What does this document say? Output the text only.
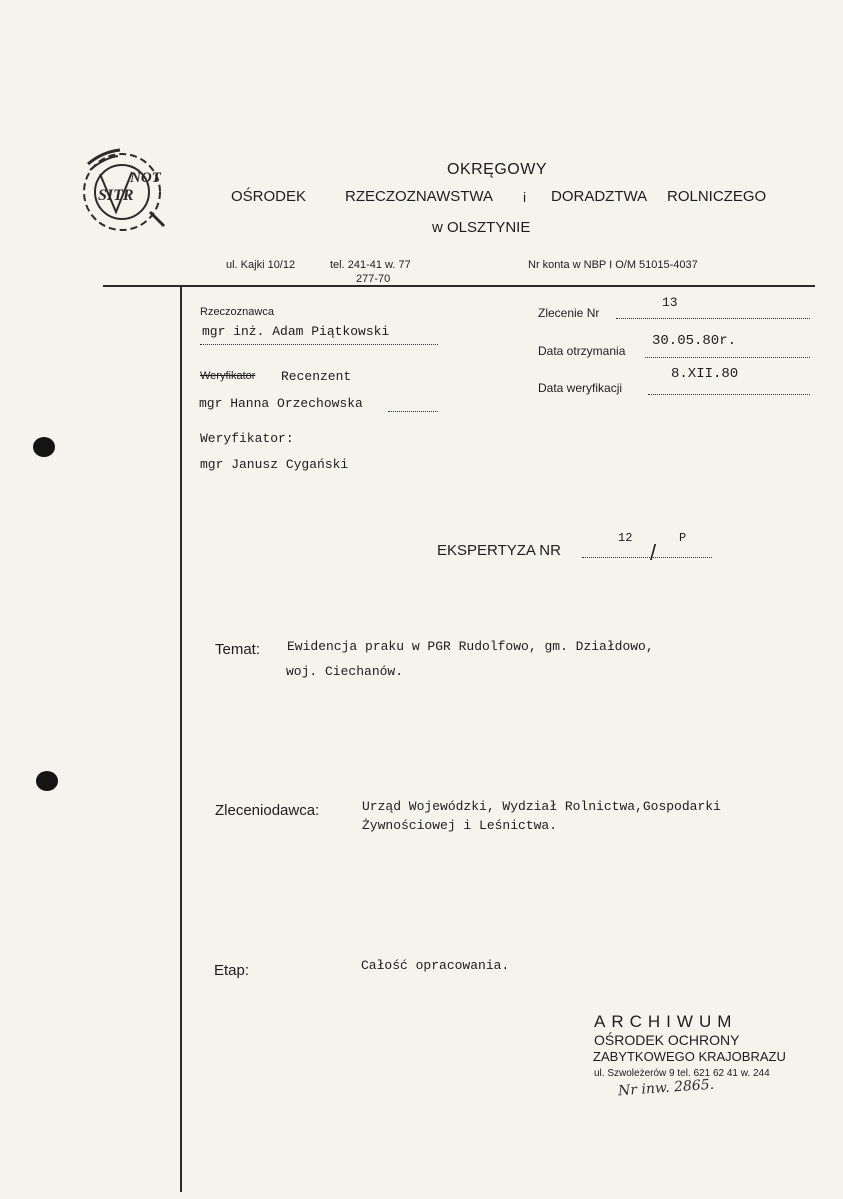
NOT
SITR
OKRĘGOWY
OŚRODEK	RZECZOZNAWSTWA i DORADZTWA ROLNICZEGO
w OLSZTYNIE
ul. Kajki 10/12	tel. 241-41 w. 77
277-70
Nr konta w NBP I O/M 51015-4037
Rzeczoznawca
mgr inż. Adam Piątkowski
Weryfikator Recenzent
mgr Hanna Orzechowska
Weryfikator:
mgr Janusz Cygański
Zlecenie Nr
13
Data otrzymania
30.05.80r.
Data weryfikacji
8.XII.80
EKSPERTYZA NR
12
/
P
Temat: Ewidencja praku w PGR Rudolfowo, gm. Działdowo,
woj. Ciechanów.
Zleceniodawca:	Urząd Wojewódzki, Wydział Rolnictwa,Gospodarki
Żywnościowej i Leśnictwa.
Etap:	Całość opracowania.
ARCHIWUM
OŚRODEK OCHRONY
ZABYTKOWEGO KRAJOBRAZU
ul. Szwoleżerów 9 tel. 621 62 41 w. 244
Nr inw. 2865.
